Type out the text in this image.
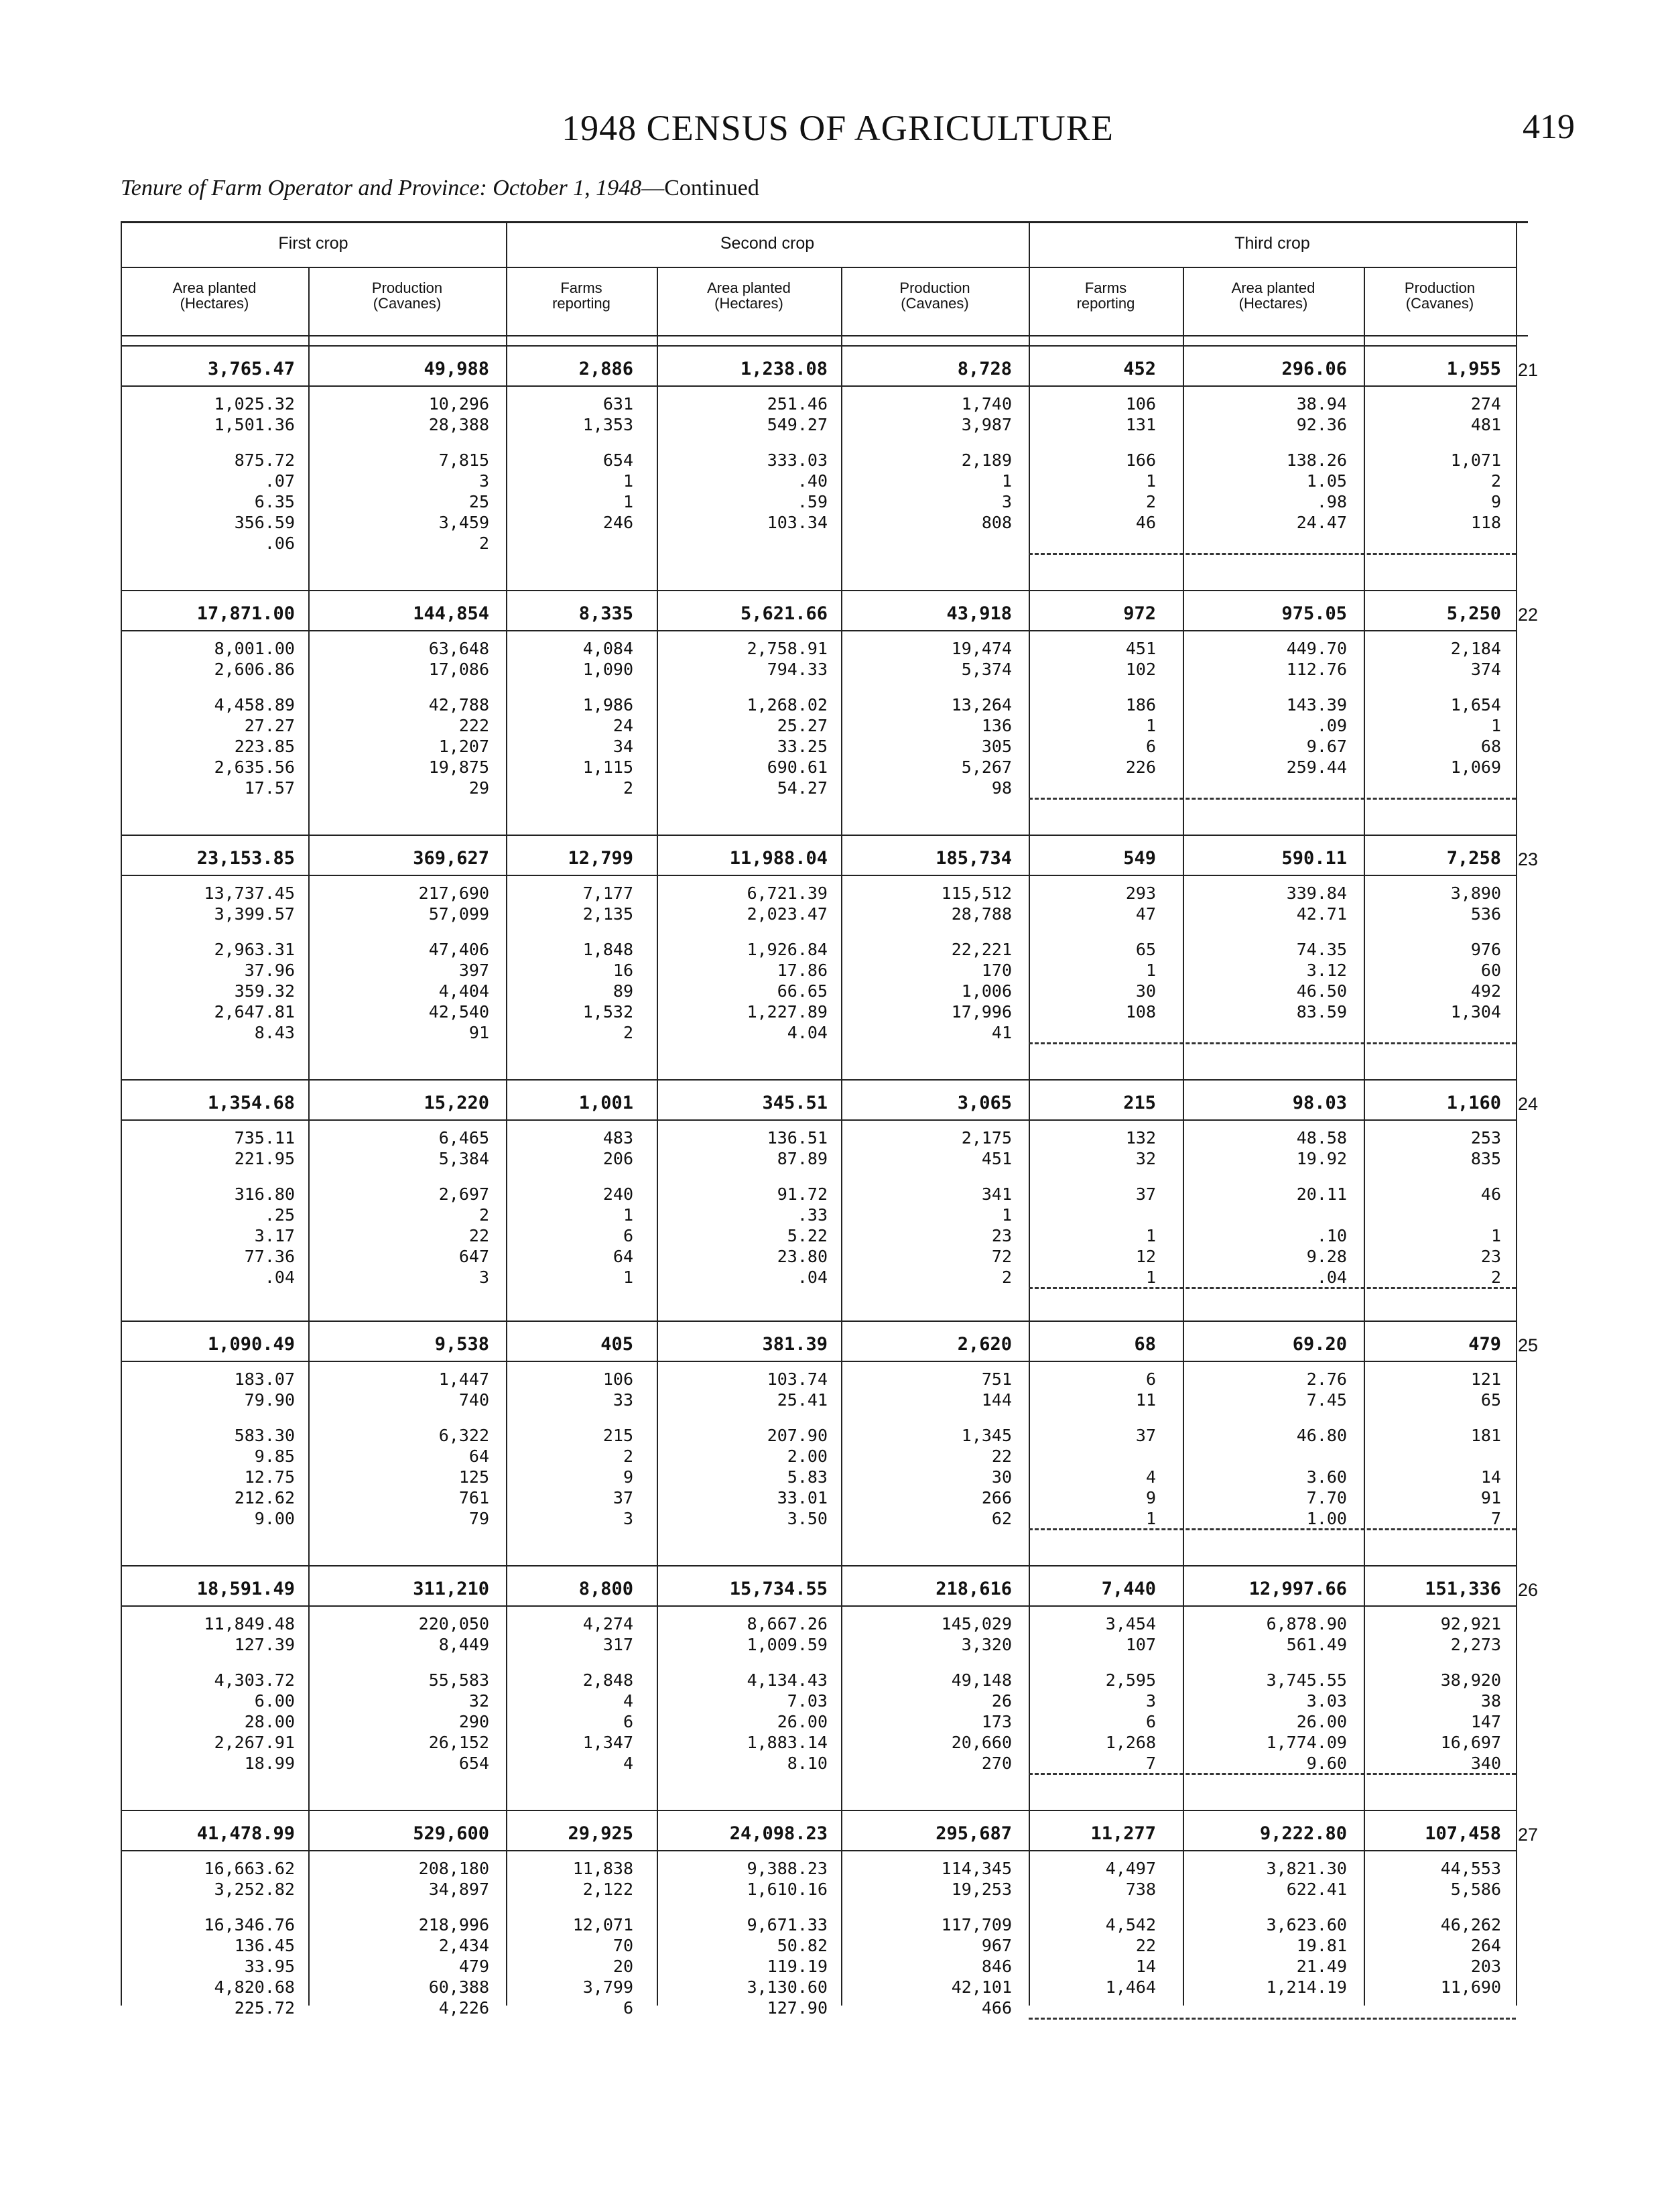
1948 CENSUS OF AGRICULTURE	419
Tenure of Farm Operator and Province: October 1, 1948—Continued
First crop	Second crop	Third crop
Area planted
(Hectares)
Production
(Cavanes)
Farms
reporting
Area planted
(Hectares)
Production
(Cavanes)
Farms
reporting
Area planted
(Hectares)
Production
(Cavanes)
3,765.47	49,988	2,886	1,238.08	8,728	452	296.06	1,955 21
1,025.32	10,296	631	251.46	1,740	106	38.94	274
1,501.36	28,388	1,353	549.27	3,987	131	92.36	481
875.72	7,815	654	333.03	2,189	166	138.26	1,071
.07	3	1	.40	1	1	1.05	2
6.35	25	1	.59	3	2	.98	9
356.59	3,459	246	103.34	808	46	24.47	118
.06	2
17,871.00	144,854	8,335	5,621.66	43,918	972	975.05	5,250 22
8,001.00	63,648	4,084	2,758.91	19,474	451	449.70	2,184
2,606.86	17,086	1,090	794.33	5,374	102	112.76	374
4,458.89	42,788	1,986	1,268.02	13,264	186	143.39	1,654
27.27	222	24	25.27	136	1	.09	1
223.85	1,207	34	33.25	305	6	9.67	68
2,635.56	19,875	1,115	690.61	5,267	226	259.44	1,069
17.57	29	2	54.27	98
23,153.85	369,627	12,799	11,988.04	185,734	549	590.11	7,258 23
13,737.45	217,690	7,177	6,721.39	115,512	293	339.84	3,890
3,399.57	57,099	2,135	2,023.47	28,788	47	42.71	536
2,963.31	47,406	1,848	1,926.84	22,221	65	74.35	976
37.96	397	16	17.86	170	1	3.12	60
359.32	4,404	89	66.65	1,006	30	46.50	492
2,647.81	42,540	1,532	1,227.89	17,996	108	83.59	1,304
8.43	91	2	4.04	41
1,354.68	15,220	1,001	345.51	3,065	215	98.03	1,160 24
735.11	6,465	483	136.51	2,175	132	48.58	253
221.95	5,384	206	87.89	451	32	19.92	835
316.80	2,697	240	91.72	341	37	20.11	46
.25	2	1	.33	1
3.17	22	6	5.22	23	1	.10	1
77.36	647	64	23.80	72	12	9.28	23
.04	3	1	.04	2	1	.04	2
1,090.49	9,538	405	381.39	2,620	68	69.20	479 25
183.07	1,447	106	103.74	751	6	2.76	121
79.90	740	33	25.41	144	11	7.45	65
583.30	6,322	215	207.90	1,345	37	46.80	181
9.85	64	2	2.00	22
12.75	125	9	5.83	30	4	3.60	14
212.62	761	37	33.01	266	9	7.70	91
9.00	79	3	3.50	62	1	1.00	7
18,591.49	311,210	8,800	15,734.55	218,616	7,440	12,997.66	151,336 26
11,849.48	220,050	4,274	8,667.26	145,029	3,454	6,878.90	92,921
127.39	8,449	317	1,009.59	3,320	107	561.49	2,273
4,303.72	55,583	2,848	4,134.43	49,148	2,595	3,745.55	38,920
6.00	32	4	7.03	26	3	3.03	38
28.00	290	6	26.00	173	6	26.00	147
2,267.91	26,152	1,347	1,883.14	20,660	1,268	1,774.09	16,697
18.99	654	4	8.10	270	7	9.60	340
41,478.99	529,600	29,925	24,098.23	295,687	11,277	9,222.80	107,458 27
16,663.62	208,180	11,838	9,388.23	114,345	4,497	3,821.30	44,553
3,252.82	34,897	2,122	1,610.16	19,253	738	622.41	5,586
16,346.76	218,996	12,071	9,671.33	117,709	4,542	3,623.60	46,262
136.45	2,434	70	50.82	967	22	19.81	264
33.95	479	20	119.19	846	14	21.49	203
4,820.68	60,388	3,799	3,130.60	42,101	1,464	1,214.19	11,690
225.72	4,226	6	127.90	466
